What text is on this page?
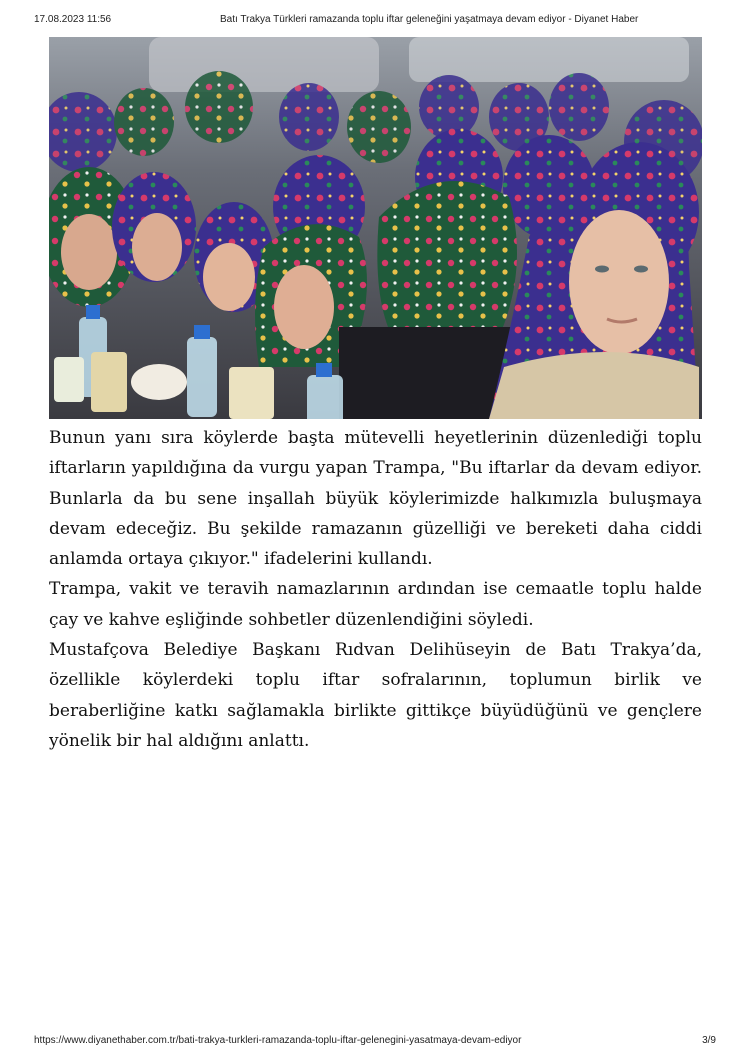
17.08.2023 11:56	Batı Trakya Türkleri ramazanda toplu iftar geleneğini yaşatmaya devam ediyor - Diyanet Haber

Bunun yanı sıra köylerde başta mütevelli heyetlerinin düzenlediği toplu iftarların yapıldığına da vurgu yapan Trampa, "Bu iftarlar da devam ediyor. Bunlarla da bu sene inşallah büyük köylerimizde halkımızla buluşmaya devam edeceğiz. Bu şekilde ramazanın güzelliği ve bereketi daha ciddi anlamda ortaya çıkıyor." ifadelerini kullandı.

Trampa, vakit ve teravih namazlarının ardından ise cemaatle toplu halde çay ve kahve eşliğinde sohbetler düzenlendiğini söyledi.

Mustafçova Belediye Başkanı Rıdvan Delihüseyin de Batı Trakya’da, özellikle köylerdeki toplu iftar sofralarının, toplumun birlik ve beraberliğine katkı sağlamakla birlikte gittikçe büyüdüğünü ve gençlere yönelik bir hal aldığını anlattı.

https://www.diyanethaber.com.tr/bati-trakya-turkleri-ramazanda-toplu-iftar-gelenegini-yasatmaya-devam-ediyor	3/9
